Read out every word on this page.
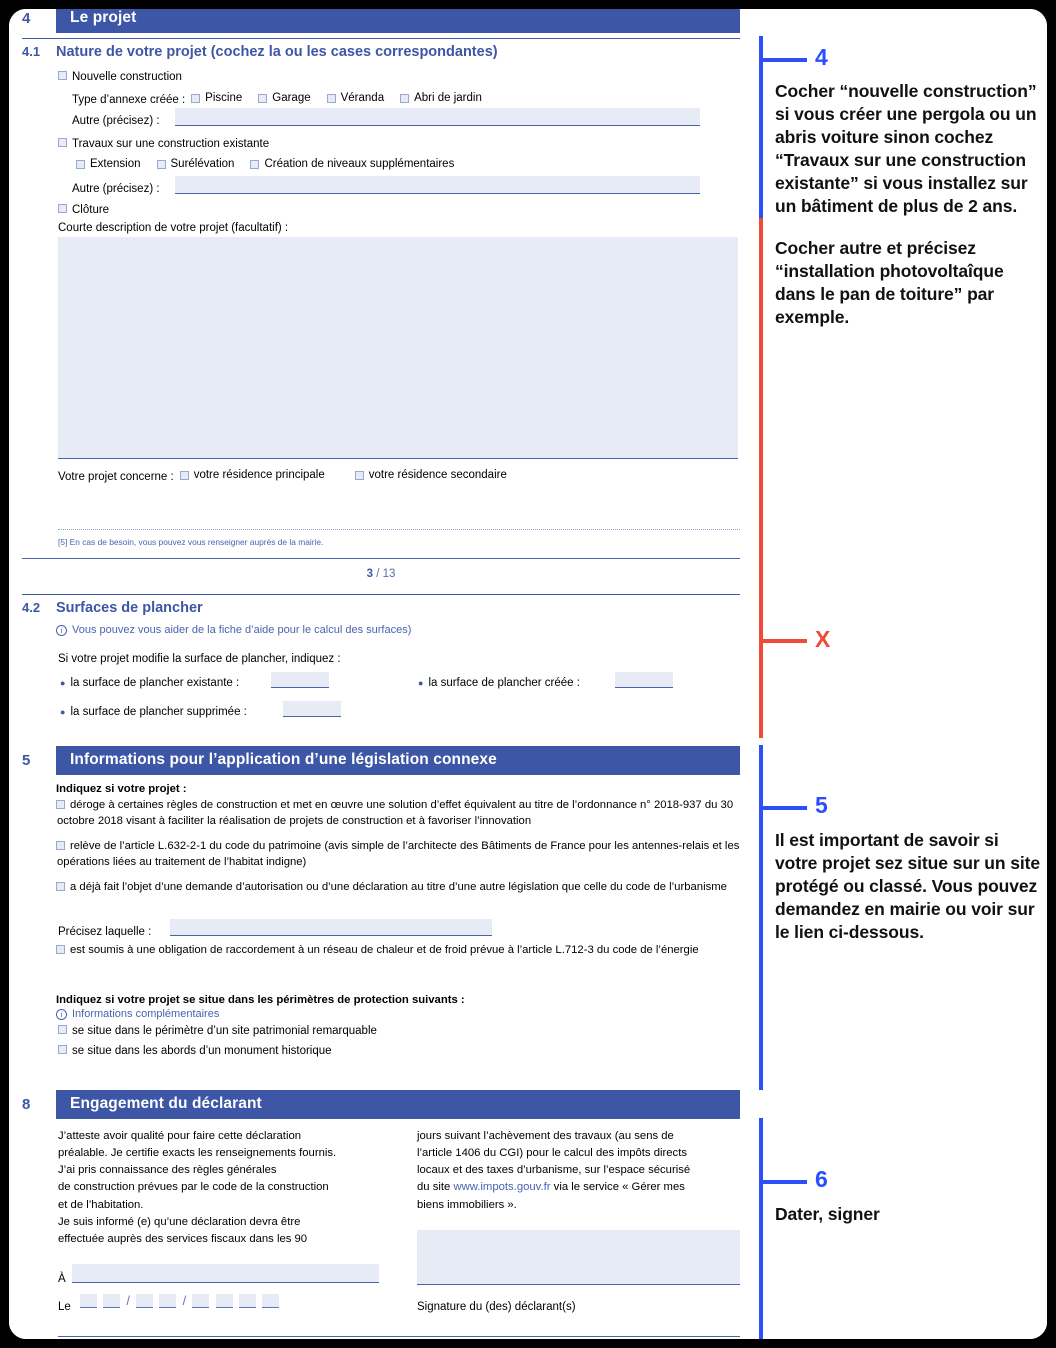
4	Le projet
4.1	Nature de votre projet (cochez la ou les cases correspondantes)
Nouvelle construction
Type d’annexe créée : Piscine	Garage	Véranda	Abri de jardin
Autre (précisez) :
Travaux sur une construction existante
Extension	Surélévation	Création de niveaux supplémentaires
Autre (précisez) :
Clôture
Courte description de votre projet (facultatif) :
Votre projet concerne : votre résidence principale	votre résidence secondaire
[5] En cas de besoin, vous pouvez vous renseigner auprès de la mairie.
3 / 13
4.2	Surfaces de plancher
i Vous pouvez vous aider de la fiche d’aide pour le calcul des surfaces)
Si votre projet modifie la surface de plancher, indiquez :
● la surface de plancher existante :	● la surface de plancher créée :
● la surface de plancher supprimée :
5	Informations pour l’application d’une législation connexe
Indiquez si votre projet :
déroge à certaines règles de construction et met en œuvre une solution d’effet équivalent au titre de l’ordonnance n° 2018-937 du 30 octobre 2018 visant à faciliter la réalisation de projets de construction et à favoriser l’innovation
relève de l’article L.632-2-1 du code du patrimoine (avis simple de l’architecte des Bâtiments de France pour les antennes-relais et les opérations liées au traitement de l’habitat indigne)
a déjà fait l’objet d’une demande d’autorisation ou d’une déclaration au titre d’une autre législation que celle du code de l’urbanisme
Précisez laquelle :
est soumis à une obligation de raccordement à un réseau de chaleur et de froid prévue à l’article L.712-3 du code de l’énergie
Indiquez si votre projet se situe dans les périmètres de protection suivants :
i Informations complémentaires
se situe dans le périmètre d’un site patrimonial remarquable
se situe dans les abords d’un monument historique
8	Engagement du déclarant
J’atteste avoir qualité pour faire cette déclaration
préalable. Je certifie exacts les renseignements fournis.
J’ai pris connaissance des règles générales
de construction prévues par le code de la construction
et de l’habitation.
Je suis informé (e) qu’une déclaration devra être
effectuée auprès des services fiscaux dans les 90
jours suivant l’achèvement des travaux (au sens de
l’article 1406 du CGI) pour le calcul des impôts directs
locaux et des taxes d’urbanisme, sur l’espace sécurisé
du site www.impots.gouv.fr via le service « Gérer mes
biens immobiliers ».
À
Le	/	/	Signature du (des) déclarant(s)
4

Cocher “nouvelle construction” si vous créer une pergola ou un abris voiture sinon cochez “Travaux sur une construction existante” si vous installez sur un bâtiment de plus de 2 ans.

Cocher autre et précisez “installation photovoltaîque dans le pan de toiture” par exemple.

X
5

Il est important de savoir si votre projet sez situe sur un site protégé ou classé. Vous pouvez demandez en mairie ou voir sur le lien ci-dessous.

6

Dater, signer
